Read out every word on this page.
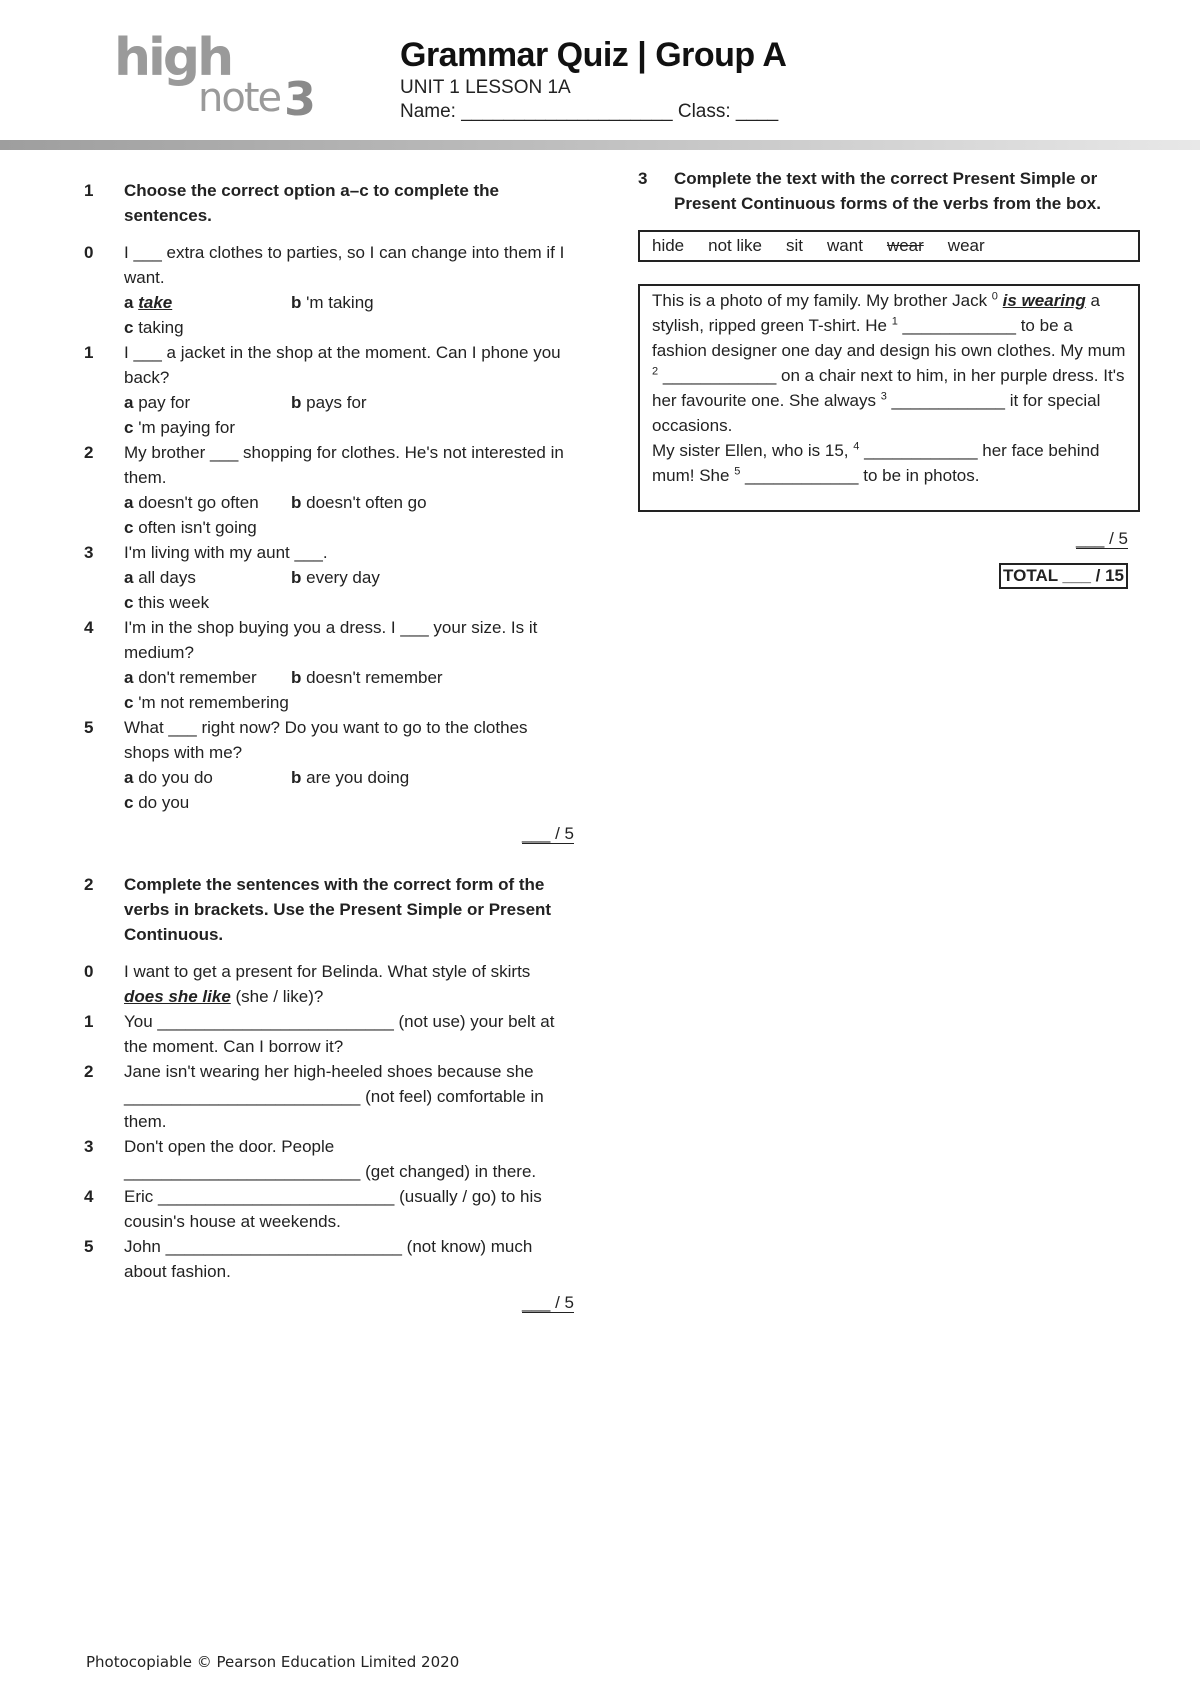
high
note 3
Grammar Quiz | Group A
UNIT 1 LESSON 1A
Name: ____________________ Class: ____
1	Choose the correct option a–c to complete the sentences.
0	I ___ extra clothes to parties, so I can change into them if I want.
a take	b 'm taking
c taking
1	I ___ a jacket in the shop at the moment. Can I phone you back?
a pay for	b pays for
c 'm paying for
2	My brother ___ shopping for clothes. He's not interested in them.
a doesn't go often	b doesn't often go
c often isn't going
3	I'm living with my aunt ___.
a all days	b every day
c this week
4	I'm in the shop buying you a dress. I ___ your size. Is it medium?
a don't remember	b doesn't remember
c 'm not remembering
5	What ___ right now? Do you want to go to the clothes shops with me?
a do you do	b are you doing
c do you
___ / 5
2	Complete the sentences with the correct form of the verbs in brackets. Use the Present Simple or Present Continuous.
0	I want to get a present for Belinda. What style of skirts does she like (she / like)?
1	You _________________________ (not use) your belt at the moment. Can I borrow it?
2	Jane isn't wearing her high-heeled shoes because she _________________________ (not feel) comfortable in them.
3	Don't open the door. People _________________________ (get changed) in there.
4	Eric _________________________ (usually / go) to his cousin's house at weekends.
5	John _________________________ (not know) much about fashion.
___ / 5
3	Complete the text with the correct Present Simple or Present Continuous forms of the verbs from the box.
hide not like sit want wear wear
This is a photo of my family. My brother Jack $^0$ is wearing a stylish, ripped green T-shirt. He $^1$ ____________ to be a fashion designer one day and design his own clothes. My mum $^2$ ____________ on a chair next to him, in her purple dress. It's her favourite one. She always $^3$ ____________ it for special occasions.
My sister Ellen, who is 15, $^4$ ____________ her face behind mum! She $^5$ ____________ to be in photos.
___ / 5
TOTAL ___ / 15
Photocopiable © Pearson Education Limited 2020
